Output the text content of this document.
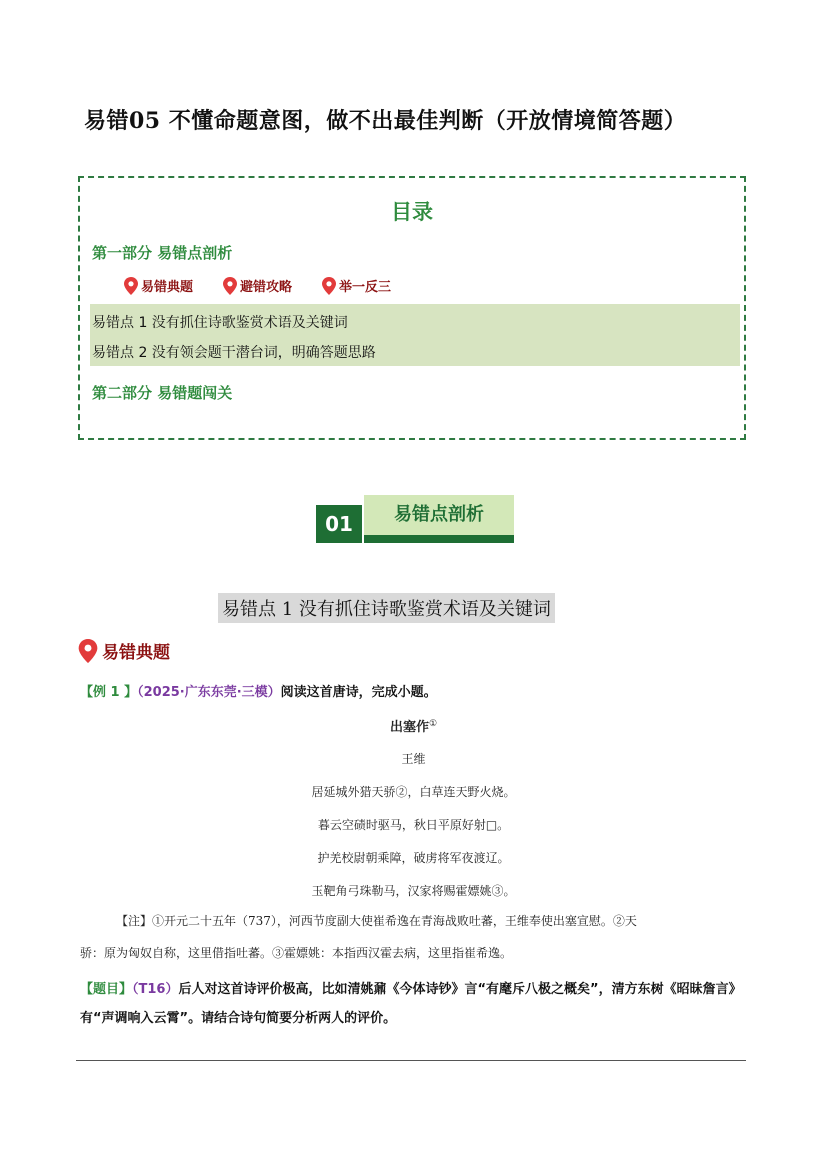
易错05 不懂命题意图，做不出最佳判断（开放情境简答题）
目录
第一部分 易错点剖析
易错典题	避错攻略	举一反三
易错点 1 没有抓住诗歌鉴赏术语及关键词
易错点 2 没有领会题干潜台词，明确答题思路
第二部分 易错题闯关
01	易错点剖析
易错点 1 没有抓住诗歌鉴赏术语及关键词
易错典题
【例 1 】（2025·广东东莞·三模）阅读这首唐诗，完成小题。
出塞作①
王维
居延城外猎天骄②，白草连天野火烧。
暮云空碛时驱马，秋日平原好射□。
护羌校尉朝乘障，破虏将军夜渡辽。
玉靶角弓珠勒马，汉家将赐霍嫖姚③。
【注】①开元二十五年（737），河西节度副大使崔希逸在青海战败吐蕃，王维奉使出塞宣慰。②天
骄：原为匈奴自称，这里借指吐蕃。③霍嫖姚：本指西汉霍去病，这里指崔希逸。
【题目】（T16）后人对这首诗评价极高，比如清姚鼐《今体诗钞》言“有麾斥八极之概矣”，清方东树《昭昧詹言》有“声调响入云霄”。请结合诗句简要分析两人的评价。
